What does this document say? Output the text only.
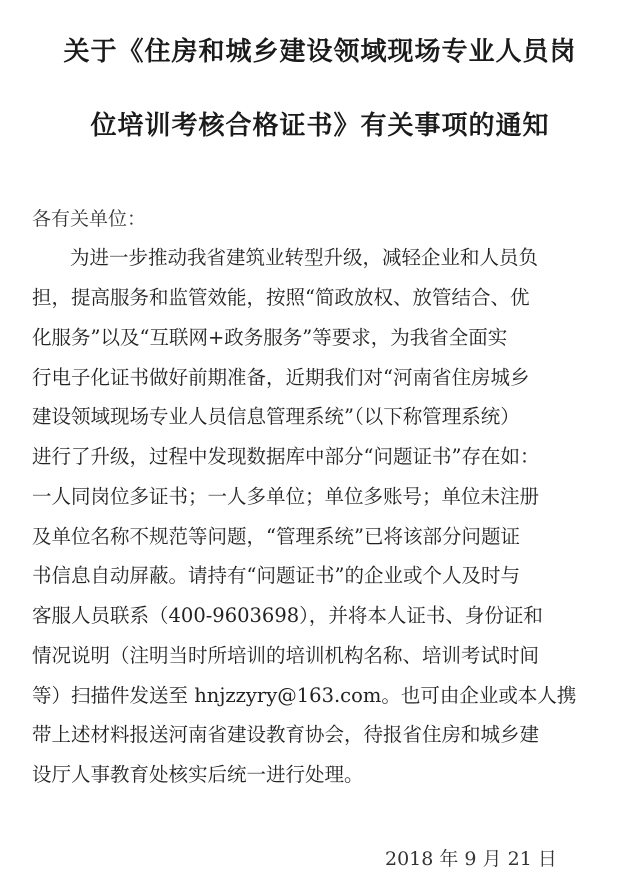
关于《住房和城乡建设领域现场专业人员岗
位培训考核合格证书》有关事项的通知
各有关单位：
为进一步推动我省建筑业转型升级，减轻企业和人员负
担，提高服务和监管效能，按照“简政放权、放管结合、优
化服务”以及“互联网+政务服务”等要求，为我省全面实
行电子化证书做好前期准备，近期我们对“河南省住房城乡
建设领域现场专业人员信息管理系统”（以下称管理系统）
进行了升级，过程中发现数据库中部分“问题证书”存在如：
一人同岗位多证书；一人多单位；单位多账号；单位未注册
及单位名称不规范等问题，“管理系统”已将该部分问题证
书信息自动屏蔽。请持有“问题证书”的企业或个人及时与
客服人员联系（400-9603698），并将本人证书、身份证和
情况说明（注明当时所培训的培训机构名称、培训考试时间
等）扫描件发送至 hnjzzyry@163.com。也可由企业或本人携
带上述材料报送河南省建设教育协会，待报省住房和城乡建
设厅人事教育处核实后统一进行处理。
2018 年 9 月 21 日
